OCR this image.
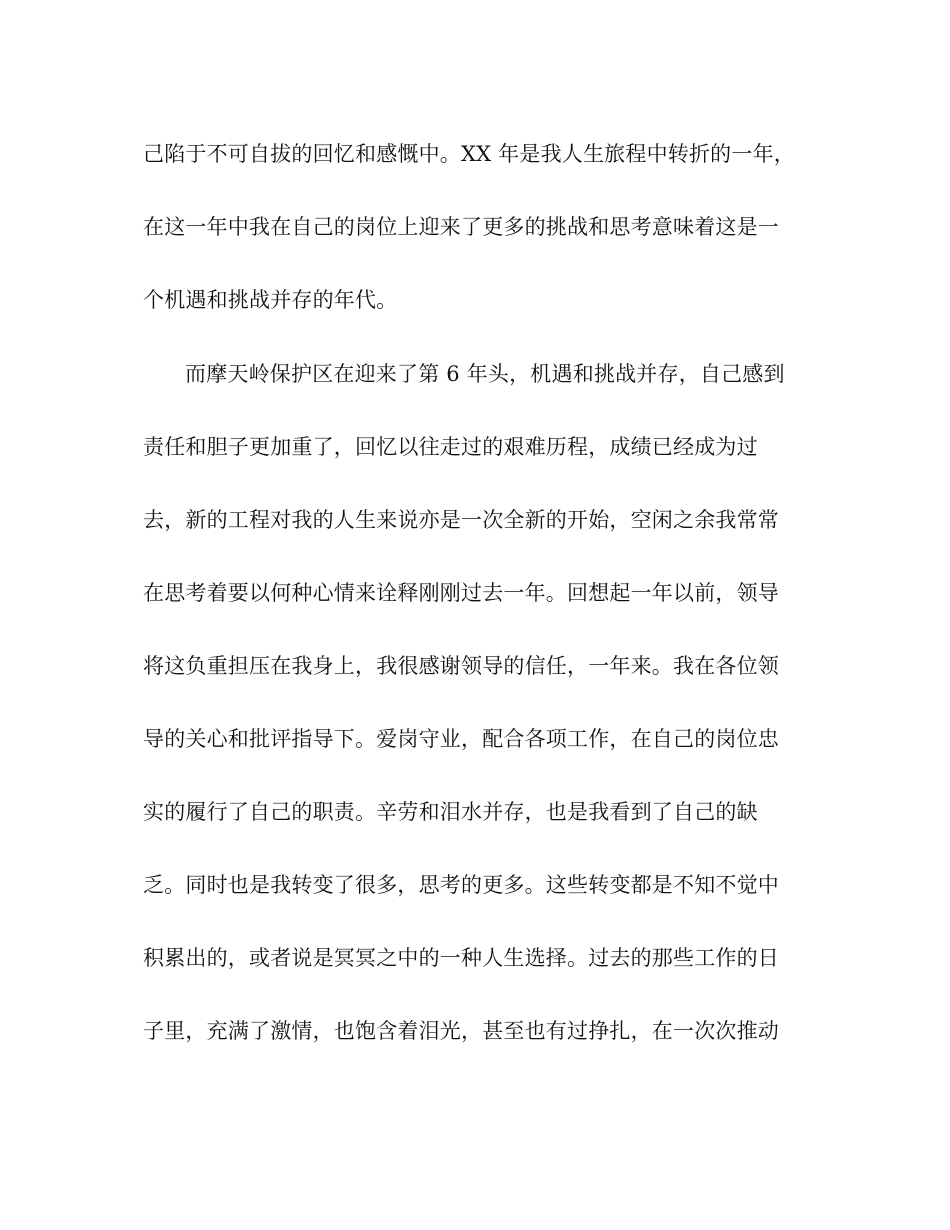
己陷于不可自拔的回忆和感慨中。XX 年是我人生旅程中转折的一年，
在这一年中我在自己的岗位上迎来了更多的挑战和思考意味着这是一
个机遇和挑战并存的年代。
而摩天岭保护区在迎来了第 6 年头，机遇和挑战并存，自己感到
责任和胆子更加重了，回忆以往走过的艰难历程，成绩已经成为过
去，新的工程对我的人生来说亦是一次全新的开始，空闲之余我常常
在思考着要以何种心情来诠释刚刚过去一年。回想起一年以前，领导
将这负重担压在我身上，我很感谢领导的信任，一年来。我在各位领
导的关心和批评指导下。爱岗守业，配合各项工作，在自己的岗位忠
实的履行了自己的职责。辛劳和泪水并存，也是我看到了自己的缺
乏。同时也是我转变了很多，思考的更多。这些转变都是不知不觉中
积累出的，或者说是冥冥之中的一种人生选择。过去的那些工作的日
子里，充满了激情，也饱含着泪光，甚至也有过挣扎，在一次次推动
